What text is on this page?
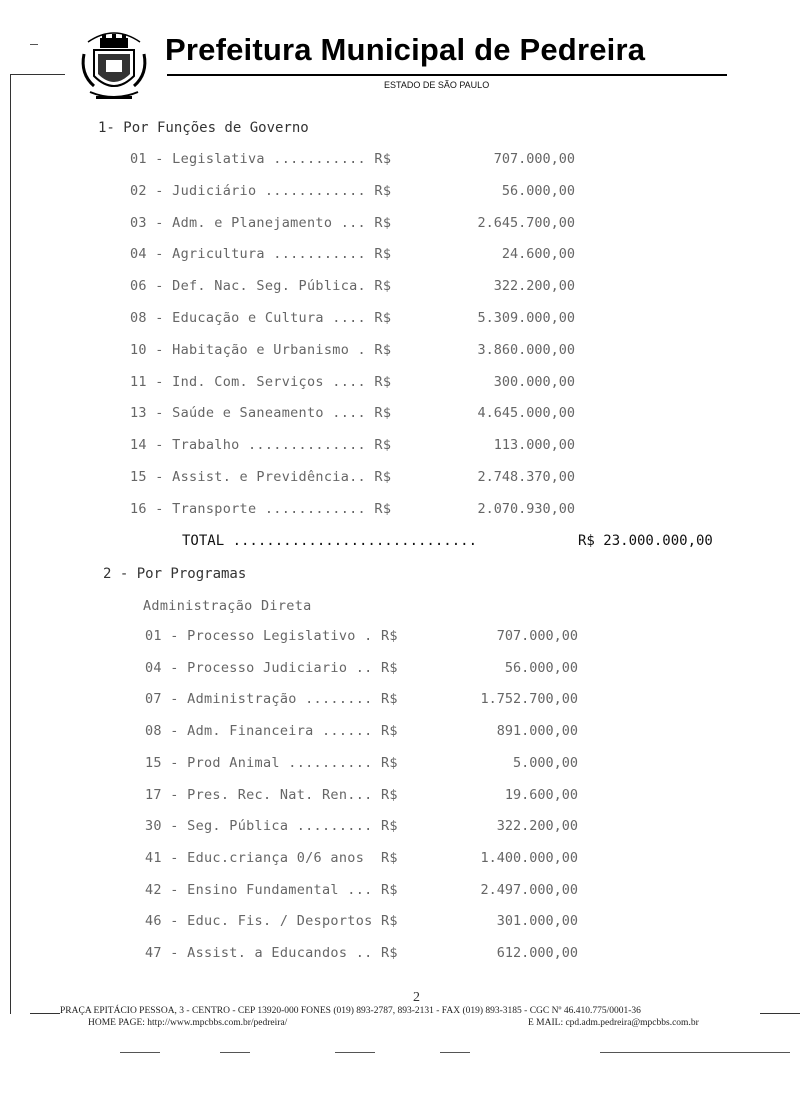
Prefeitura Municipal de Pedreira
ESTADO DE SÃO PAULO
1- Por Funções de Governo
01 - Legislativa ........... R$	707.000,00
02 - Judiciário ............ R$	56.000,00
03 - Adm. e Planejamento ... R$	2.645.700,00
04 - Agricultura ........... R$	24.600,00
06 - Def. Nac. Seg. Pública. R$	322.200,00
08 - Educação e Cultura .... R$	5.309.000,00
10 - Habitação e Urbanismo . R$	3.860.000,00
11 - Ind. Com. Serviços .... R$	300.000,00
13 - Saúde e Saneamento .... R$	4.645.000,00
14 - Trabalho .............. R$	113.000,00
15 - Assist. e Previdência.. R$	2.748.370,00
16 - Transporte ............ R$	2.070.930,00
TOTAL .............................	R$ 23.000.000,00
2 - Por Programas
Administração Direta
01 - Processo Legislativo . R$	707.000,00
04 - Processo Judiciario .. R$	56.000,00
07 - Administração ........ R$	1.752.700,00
08 - Adm. Financeira ...... R$	891.000,00
15 - Prod Animal .......... R$	5.000,00
17 - Pres. Rec. Nat. Ren... R$	19.600,00
30 - Seg. Pública ......... R$	322.200,00
41 - Educ.criança 0/6 anos  R$	1.400.000,00
42 - Ensino Fundamental ... R$	2.497.000,00
46 - Educ. Fis. / Desportos R$	301.000,00
47 - Assist. a Educandos .. R$	612.000,00
2
PRAÇA EPITÁCIO PESSOA, 3 - CENTRO - CEP 13920-000 FONES (019) 893-2787, 893-2131 - FAX (019) 893-3185 - CGC Nº 46.410.775/0001-36
HOME PAGE: http://www.mpcbbs.com.br/pedreira/	E MAIL: cpd.adm.pedreira@mpcbbs.com.br
